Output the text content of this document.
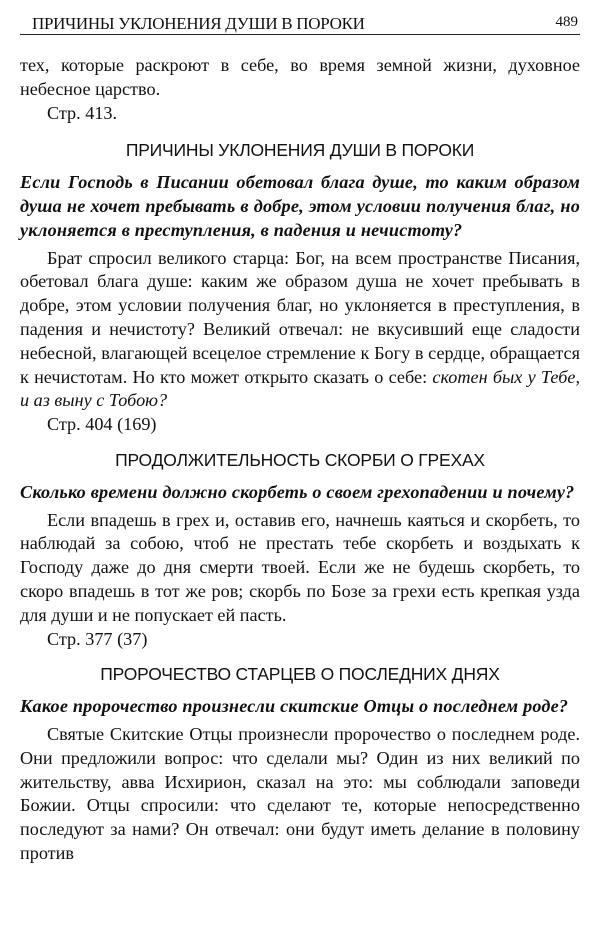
ПРИЧИНЫ УКЛОНЕНИЯ ДУШИ В ПОРОКИ	489

тех, которые раскроют в себе, во время земной жизни, духовное небесное царство.

Стр. 413.

ПРИЧИНЫ УКЛОНЕНИЯ ДУШИ В ПОРОКИ

Если Господь в Писании обетовал блага душе, то каким образом душа не хочет пребывать в добре, этом условии получения благ, но уклоняется в преступления, в падения и нечистоту?

Брат спросил великого старца: Бог, на всем пространстве Писания, обетовал блага душе: каким же образом душа не хочет пребывать в добре, этом условии получения благ, но уклоняется в преступления, в падения и нечистоту? Великий отвечал: не вкусивший еще сладости небесной, влагающей всецелое стремление к Богу в сердце, обращается к нечистотам. Но кто может открыто сказать о себе: скотен бых у Тебе, и аз выну с Тобою?

Стр. 404 (169)

ПРОДОЛЖИТЕЛЬНОСТЬ СКОРБИ О ГРЕХАХ

Сколько времени должно скорбеть о своем грехопадении и почему?

Если впадешь в грех и, оставив его, начнешь каяться и скорбеть, то наблюдай за собою, чтоб не престать тебе скорбеть и воздыхать к Господу даже до дня смерти твоей. Если же не будешь скорбеть, то скоро впадешь в тот же ров; скорбь по Бозе за грехи есть крепкая узда для души и не попускает ей пасть.

Стр. 377 (37)

ПРОРОЧЕСТВО СТАРЦЕВ О ПОСЛЕДНИХ ДНЯХ

Какое пророчество произнесли скитские Отцы о последнем роде?

Святые Скитские Отцы произнесли пророчество о последнем роде. Они предложили вопрос: что сделали мы? Один из них великий по жительству, авва Исхирион, сказал на это: мы соблюдали заповеди Божии. Отцы спросили: что сделают те, которые непосредственно последуют за нами? Он отвечал: они будут иметь делание в половину против
